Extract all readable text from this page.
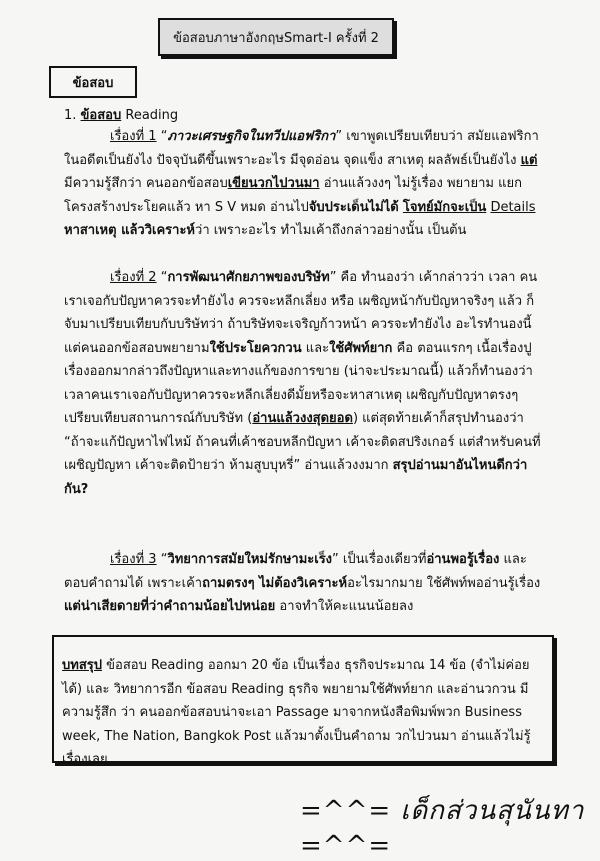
ข้อสอบภาษาอังกฤษSmart-I ครั้งที่ 2
ข้อสอบ
1. ข้อสอบ Reading
เรื่องที่ 1 “ภาวะเศรษฐกิจในทวีปแอฟริกา” เขาพูดเปรียบเทียบว่า สมัยแอฟริกา ในอดีตเป็นยังไง ปัจจุบันดีขึ้นเพราะอะไร มีจุดอ่อน จุดแข็ง สาเหตุ ผลลัพธ์เป็นยังไง แต่ มีความรู้สึกว่า คนออกข้อสอบเขียนวกไปวนมา อ่านแล้วงงๆ ไม่รู้เรื่อง พยายาม แยกโครงสร้างประโยคแล้ว หา S V หมด อ่านไปจับประเด็นไม่ได้ โจทย์มักจะเป็น Details หาสาเหตุ แล้ววิเคราะห์ว่า เพราะอะไร ทำไมเค้าถึงกล่าวอย่างนั้น เป็นต้น
เรื่องที่ 2 “การพัฒนาศักยภาพของบริษัท” คือ ทำนองว่า เค้ากล่าวว่า เวลา คนเราเจอกับปัญหาควรจะทำยังไง ควรจะหลีกเลี่ยง หรือ เผชิญหน้ากับปัญหาจริงๆ แล้ว ก็จับมาเปรียบเทียบกับบริษัทว่า ถ้าบริษัทจะเจริญก้าวหน้า ควรจะทำยังไง อะไรทำนองนี้ แต่คนออกข้อสอบพยายามใช้ประโยควกวน และใช้ศัพท์ยาก คือ ตอนแรกๆ เนื้อเรื่องปู เรื่องออกมากล่าวถึงปัญหาและทางแก้ของการขาย (น่าจะประมาณนี้) แล้วก็ทำนองว่า เวลาคนเราเจอกับปัญหาควรจะหลีกเลี่ยงดีมั้ยหรือจะหาสาเหตุ เผชิญกับปัญหาตรงๆ เปรียบเทียบสถานการณ์กับบริษัท (อ่านแล้วงงสุดยอด) แต่สุดท้ายเค้าก็สรุปทำนองว่า “ถ้าจะแก้ปัญหาไฟไหม้ ถ้าคนที่เค้าชอบหลีกปัญหา เค้าจะติดสปริงเกอร์ แต่สำหรับคนที่ เผชิญปัญหา เค้าจะติดป้ายว่า ห้ามสูบบุหรี่” อ่านแล้วงงมาก สรุปอ่านมาอันไหนดีกว่ากัน?
เรื่องที่ 3 “วิทยาการสมัยใหม่รักษามะเร็ง” เป็นเรื่องเดียวที่อ่านพอรู้เรื่อง และ ตอบคำถามได้ เพราะเค้าถามตรงๆ ไม่ต้องวิเคราะห์อะไรมากมาย ใช้ศัพท์พออ่านรู้เรื่อง แต่น่าเสียดายที่ว่าคำถามน้อยไปหน่อย อาจทำให้คะแนนน้อยลง
บทสรุป ข้อสอบ Reading ออกมา 20 ข้อ เป็นเรื่อง ธุรกิจประมาณ 14 ข้อ (จำไม่ค่อยได้) และ วิทยาการอีก ข้อสอบ Reading ธุรกิจ พยายามใช้ศัพท์ยาก และอ่านวกวน มีความรู้สึก ว่า คนออกข้อสอบน่าจะเอา Passage มาจากหนังสือพิมพ์พวก Business week, The Nation, Bangkok Post แล้วมาตั้งเป็นคำถาม วกไปวนมา อ่านแล้วไม่รู้เรื่องเลย
=^^= เด็กส่วนสุนันทา =^^=
